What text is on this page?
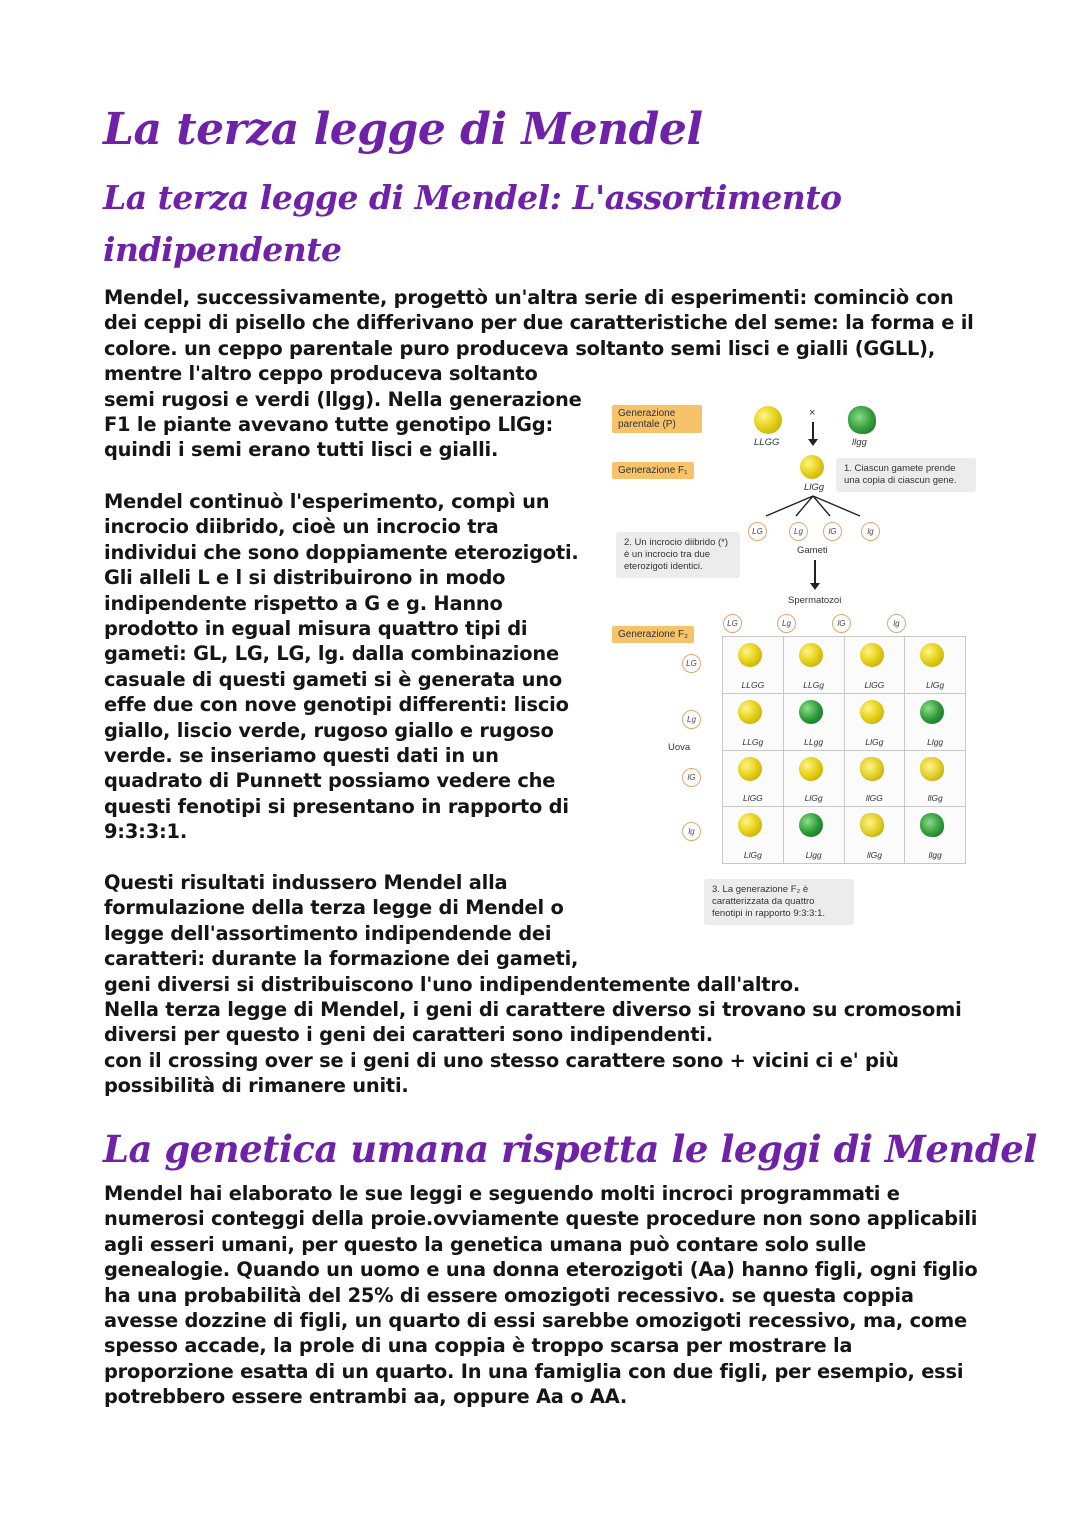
La terza legge di Mendel
La terza legge di Mendel: L'assortimento
indipendente
Mendel, successivamente, progettò un'altra serie di esperimenti: cominciò con
dei ceppi di pisello che differivano per due caratteristiche del seme: la forma e il
colore. un ceppo parentale puro produceva soltanto semi lisci e gialli (GGLL),
mentre l'altro ceppo produceva soltanto
semi rugosi e verdi (llgg). Nella generazione
F1 le piante avevano tutte genotipo LlGg:
quindi i semi erano tutti lisci e gialli.
Mendel continuò l'esperimento, compì un
incrocio diibrido, cioè un incrocio tra
individui che sono doppiamente eterozigoti.
Gli alleli L e l si distribuirono in modo
indipendente rispetto a G e g. Hanno
prodotto in egual misura quattro tipi di
gameti: GL, LG, LG, lg. dalla combinazione
casuale di questi gameti si è generata uno
effe due con nove genotipi differenti: liscio
giallo, liscio verde, rugoso giallo e rugoso
verde. se inseriamo questi dati in un
quadrato di Punnett possiamo vedere che
questi fenotipi si presentano in rapporto di
9:3:3:1.
Questi risultati indussero Mendel alla
formulazione della terza legge di Mendel o
legge dell'assortimento indipendende dei
caratteri: durante la formazione dei gameti,
geni diversi si distribuiscono l'uno indipendentemente dall'altro.
Nella terza legge di Mendel, i geni di carattere diverso si trovano su cromosomi
diversi per questo i geni dei caratteri sono indipendenti.
con il crossing over se i geni di uno stesso carattere sono + vicini ci e' più
possibilità di rimanere uniti.
La genetica umana rispetta le leggi di Mendel
Mendel hai elaborato le sue leggi e seguendo molti incroci programmati e
numerosi conteggi della proie.ovviamente queste procedure non sono applicabili
agli esseri umani, per questo la genetica umana può contare solo sulle
genealogie. Quando un uomo e una donna eterozigoti (Aa) hanno figli, ogni figlio
ha una probabilità del 25% di essere omozigoti recessivo. se questa coppia
avesse dozzine di figli, un quarto di essi sarebbe omozigoti recessivo, ma, come
spesso accade, la prole di una coppia è troppo scarsa per mostrare la
proporzione esatta di un quarto. In una famiglia con due figli, per esempio, essi
potrebbero essere entrambi aa, oppure Aa o AA.
Generazione parentale (P)
Generazione F₁
Generazione F₂
LLGG
×
llgg
LlGg
1. Ciascun gamete prende una copia di ciascun gene.
LG	Lg	lG	lg
Gameti
2. Un incrocio diibrido (*) è un incrocio tra due eterozigoti identici.
Spermatozoi
LG	Lg	lG	lg
LG
Lg
Uova
lG
lg
LLGG	LLGg	LlGG	LlGg

LLGg	LLgg	LlGg	Llgg

LlGG	LlGg	llGG	llGg

LlGg	Llgg	llGg	llgg
3. La generazione F₂ è caratterizzata da quattro fenotipi in rapporto 9:3:3:1.
